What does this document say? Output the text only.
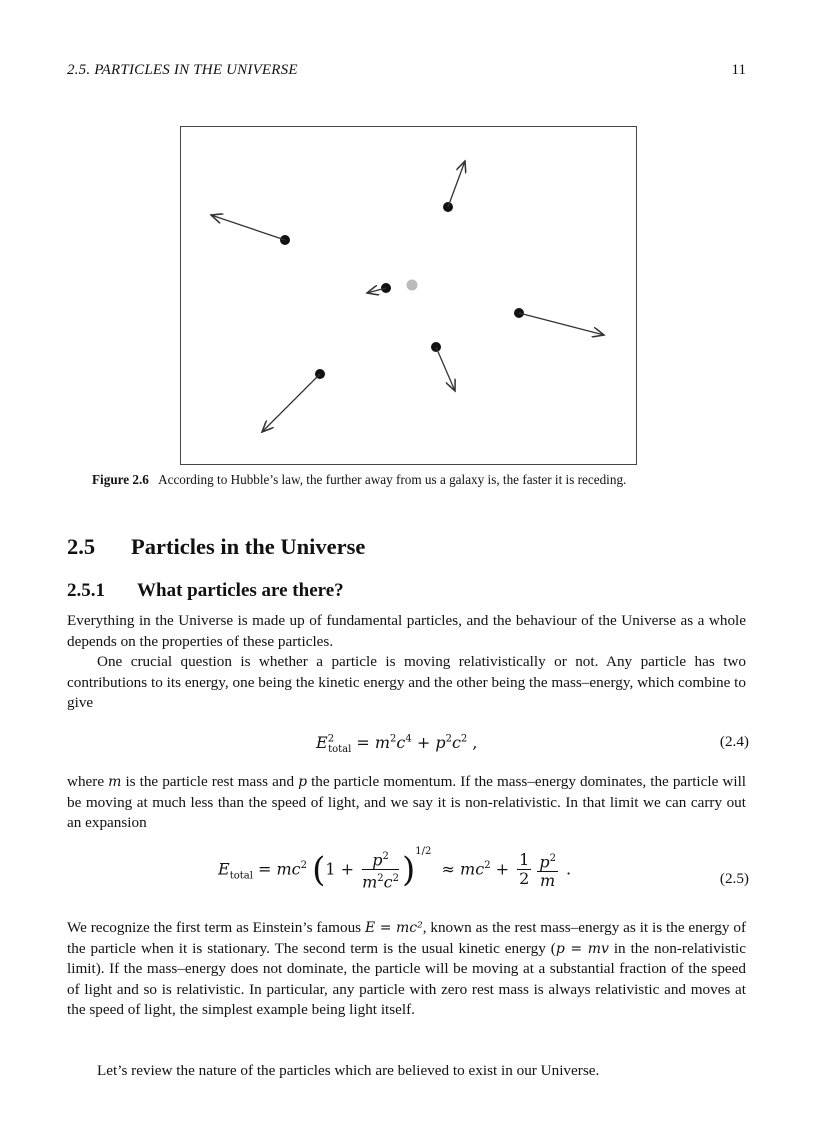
2.5. PARTICLES IN THE UNIVERSE	11
Figure 2.6 According to Hubble’s law, the further away from us a galaxy is, the faster it is receding.
2.5 Particles in the Universe
2.5.1 What particles are there?

Everything in the Universe is made up of fundamental particles, and the behaviour of the Universe as a whole depends on the properties of these particles.

One crucial question is whether a particle is moving relativistically or not. Any particle has two contributions to its energy, one being the kinetic energy and the other being the mass–energy, which combine to give

$E^2_{total} = m^2c^4 + p^2c^2$ ,	(2.4)

where m is the particle rest mass and p the particle momentum. If the mass–energy dominates, the particle will be moving at much less than the speed of light, and we say it is non-relativistic. In that limit we can carry out an expansion

$E_{total} = mc^2$ $(1 + \frac{p^2}{m^2c^2} )^{1/2} \approx mc^2 + \frac{1}{2} \frac{p^2}{m}$ .
(2.5)

We recognize the first term as Einstein’s famous E = mc², known as the rest mass–energy as it is the energy of the particle when it is stationary. The second term is the usual kinetic energy (p = mv in the non-relativistic limit). If the mass–energy does not dominate, the particle will be moving at a substantial fraction of the speed of light and so is relativistic. In particular, any particle with zero rest mass is always relativistic and moves at the speed of light, the simplest example being light itself.

Let’s review the nature of the particles which are believed to exist in our Universe.
